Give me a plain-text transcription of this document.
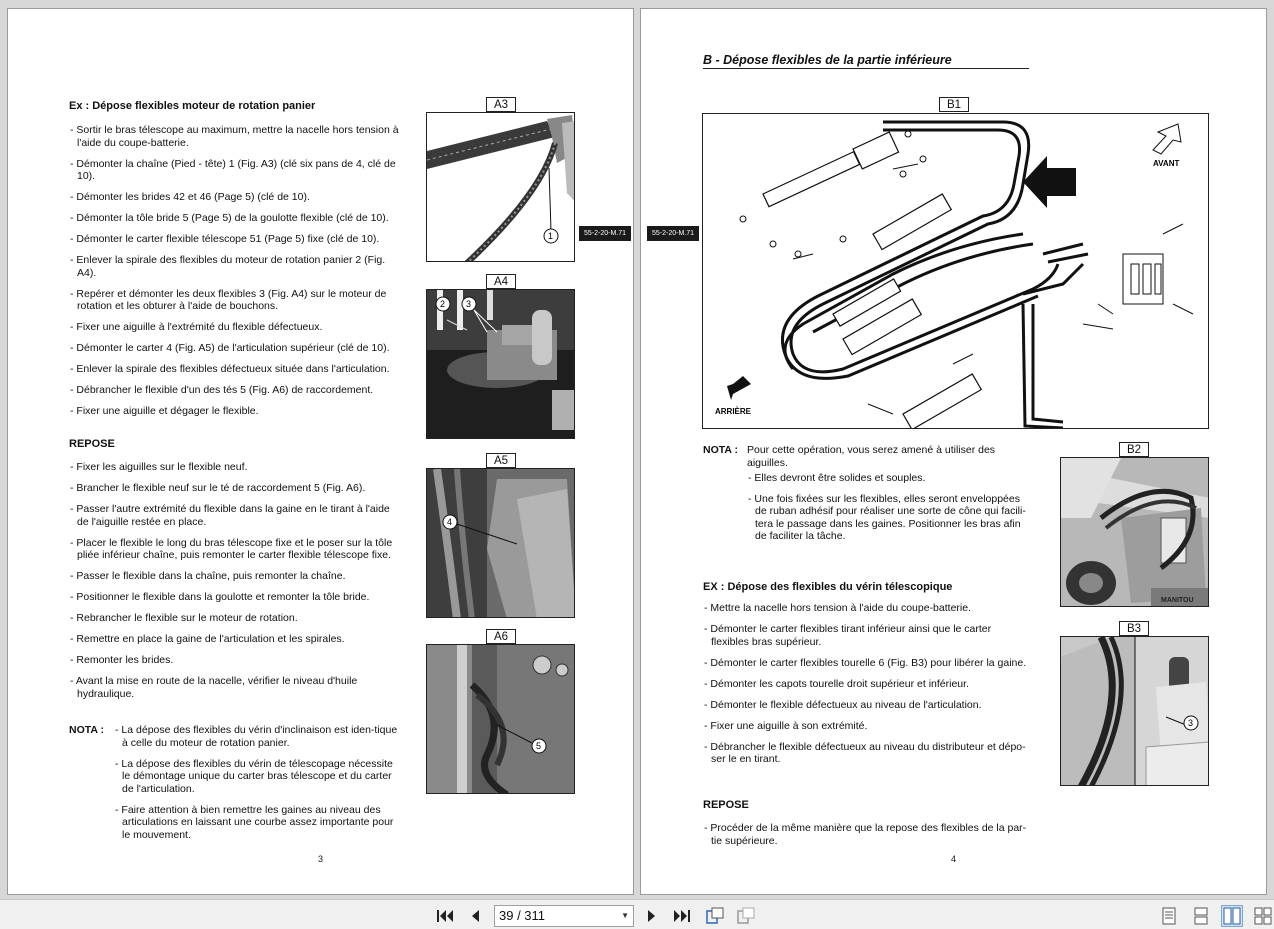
Ex : Dépose flexibles moteur de rotation panier
- Sortir le bras télescope au maximum, mettre la nacelle hors tension à l'aide du coupe-batterie.
- Démonter la chaîne (Pied - tête) 1 (Fig. A3) (clé six pans de 4, clé de 10).
- Démonter les brides 42 et 46 (Page 5) (clé de 10).
- Démonter la tôle bride 5 (Page 5) de la goulotte flexible (clé de 10).
- Démonter le carter flexible télescope 51 (Page 5) fixe (clé de 10).
- Enlever la spirale des flexibles du moteur de rotation panier 2 (Fig. A4).
- Repérer et démonter les deux flexibles 3 (Fig. A4) sur le moteur de rotation et les obturer à l'aide de bouchons.
- Fixer une aiguille à l'extrémité du flexible défectueux.
- Démonter le carter 4 (Fig. A5) de l'articulation supérieur (clé de 10).
- Enlever la spirale des flexibles défectueux située dans l'articulation.
- Débrancher le flexible d'un des tés 5 (Fig. A6) de raccordement.
- Fixer une aiguille et dégager le flexible.
REPOSE
- Fixer les aiguilles sur le flexible neuf.
- Brancher le flexible neuf sur le té de raccordement 5 (Fig. A6).
- Passer l'autre extrémité du flexible dans la gaine en le tirant à l'aide de l'aiguille restée en place.
- Placer le flexible le long du bras télescope fixe et le poser sur la tôle pliée inférieur chaîne, puis remonter le carter flexible télescope fixe.
- Passer le flexible dans la chaîne, puis remonter la chaîne.
- Positionner le flexible dans la goulotte et remonter la tôle bride.
- Rebrancher le flexible sur le moteur de rotation.
- Remettre en place la gaine de l'articulation et les spirales.
- Remonter les brides.
- Avant la mise en route de la nacelle, vérifier le niveau d'huile hydraulique.
NOTA :
-	La dépose des flexibles du vérin d'inclinaison est iden-tique à celle du moteur de rotation panier.
- La dépose des flexibles du vérin de télescopage nécessite le démontage unique du carter bras télescope et du carter de l'articulation.
- Faire attention à bien remettre les gaines au niveau des articulations en laissant une courbe assez importante pour le mouvement.
3
55-2-20-M.71
A3
1
A4
2 3
A5
4
A6
5
55-2-20-M.71
B - Dépose flexibles de la partie inférieure
B1
AVANT
ARRIÈRE
NOTA : Pour cette opération, vous serez amené à utiliser des aiguilles.
- Elles devront être solides et souples.
- Une fois fixées sur les flexibles, elles seront enveloppées de ruban adhésif pour réaliser une sorte de cône qui facili-tera le passage dans les gaines. Positionner les bras afin de faciliter la tâche.
EX : Dépose des flexibles du vérin télescopique
- Mettre la nacelle hors tension à l'aide du coupe-batterie.
- Démonter le carter flexibles tirant inférieur ainsi que le carter flexibles bras supérieur.
- Démonter le carter flexibles tourelle 6 (Fig. B3) pour libérer la gaine.
- Démonter les capots tourelle droit supérieur et inférieur.
- Démonter le flexible défectueux au niveau de l'articulation.
- Fixer une aiguille à son extrémité.
- Débrancher le flexible défectueux au niveau du distributeur et dépo-ser le en tirant.
REPOSE
- Procéder de la même manière que la repose des flexibles de la par-tie supérieure.
4
B2
MANITOU
B3
3
39 / 311	▼
